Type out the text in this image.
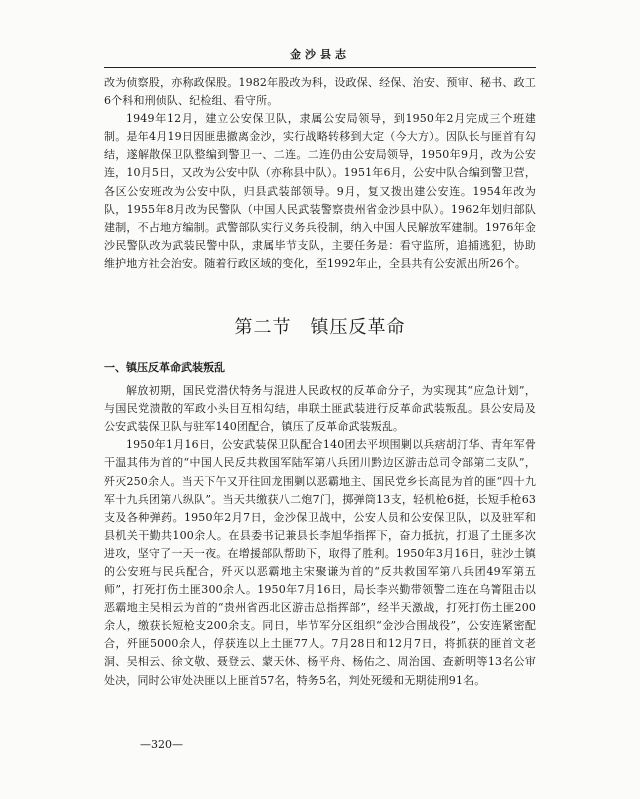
金沙县志

改为侦察股，亦称政保股。1982年股改为科，设政保、经保、治安、预审、秘书、政工6个科和刑侦队、纪检组、看守所。

1949年12月，建立公安保卫队，隶属公安局领导，到1950年2月完成三个班建制。是年4月19日因匪患撤离金沙，实行战略转移到大定（今大方）。因队长与匪首有勾结，遂解散保卫队整编到警卫一、二连。二连仍由公安局领导，1950年9月，改为公安连，10月5日，又改为公安中队（亦称县中队）。1951年6月，公安中队合编到警卫营，各区公安班改为公安中队，归县武装部领导。9月，复又拨出建公安连。1954年改为队，1955年8月改为民警队（中国人民武装警察贵州省金沙县中队）。1962年划归部队建制，不占地方编制。武警部队实行义务兵役制，纳入中国人民解放军建制。1976年金沙民警队改为武装民警中队，隶属毕节支队，主要任务是：看守监所，追捕逃犯，协助维护地方社会治安。随着行政区域的变化，至1992年止，全县共有公安派出所26个。

第二节　镇压反革命
一、镇压反革命武装叛乱

解放初期，国民党潜伏特务与混进人民政权的反革命分子，为实现其“应急计划”，与国民党溃散的军政小头目互相勾结，串联土匪武装进行反革命武装叛乱。县公安局及公安武装保卫队与驻军140团配合，镇压了反革命武装叛乱。

1950年1月16日，公安武装保卫队配合140团去平坝围剿以兵痞胡汀华、青年军骨干温其伟为首的“中国人民反共救国军陆军第八兵团川黔边区游击总司令部第二支队”，歼灭250余人。当天下午又开往回龙围剿以恶霸地主、国民党乡长高昆为首的匪“四十九军十九兵团第八纵队”。当天共缴获八二炮7门，掷弹筒13支，轻机枪6挺，长短手枪63支及各种弹药。1950年2月7日，金沙保卫战中，公安人员和公安保卫队，以及驻军和县机关干勤共100余人。在县委书记兼县长李旭华指挥下，奋力抵抗，打退了土匪多次进攻，坚守了一天一夜。在增援部队帮助下，取得了胜利。1950年3月16日，驻沙土镇的公安班与民兵配合，歼灭以恶霸地主宋聚谦为首的“反共救国军第八兵团49军第五师”，打死打伤土匪300余人。1950年7月16日，局长李兴勤带领警二连在乌箐阻击以恶霸地主吴相云为首的“贵州省西北区游击总指挥部”，经半天激战，打死打伤土匪200余人，缴获长短枪支200余支。同日，毕节军分区组织“金沙合围战役”，公安连紧密配合，歼匪5000余人，俘获连以上土匪77人。7月28日和12月7日，将抓获的匪首文老洞、吴相云、徐文敬、聂登云、蒙天休、杨平舟、杨佑之、周治国、查新明等13名公审处决，同时公审处决匪以上匪首57名，特务5名，判处死缓和无期徒刑91名。

—320—
